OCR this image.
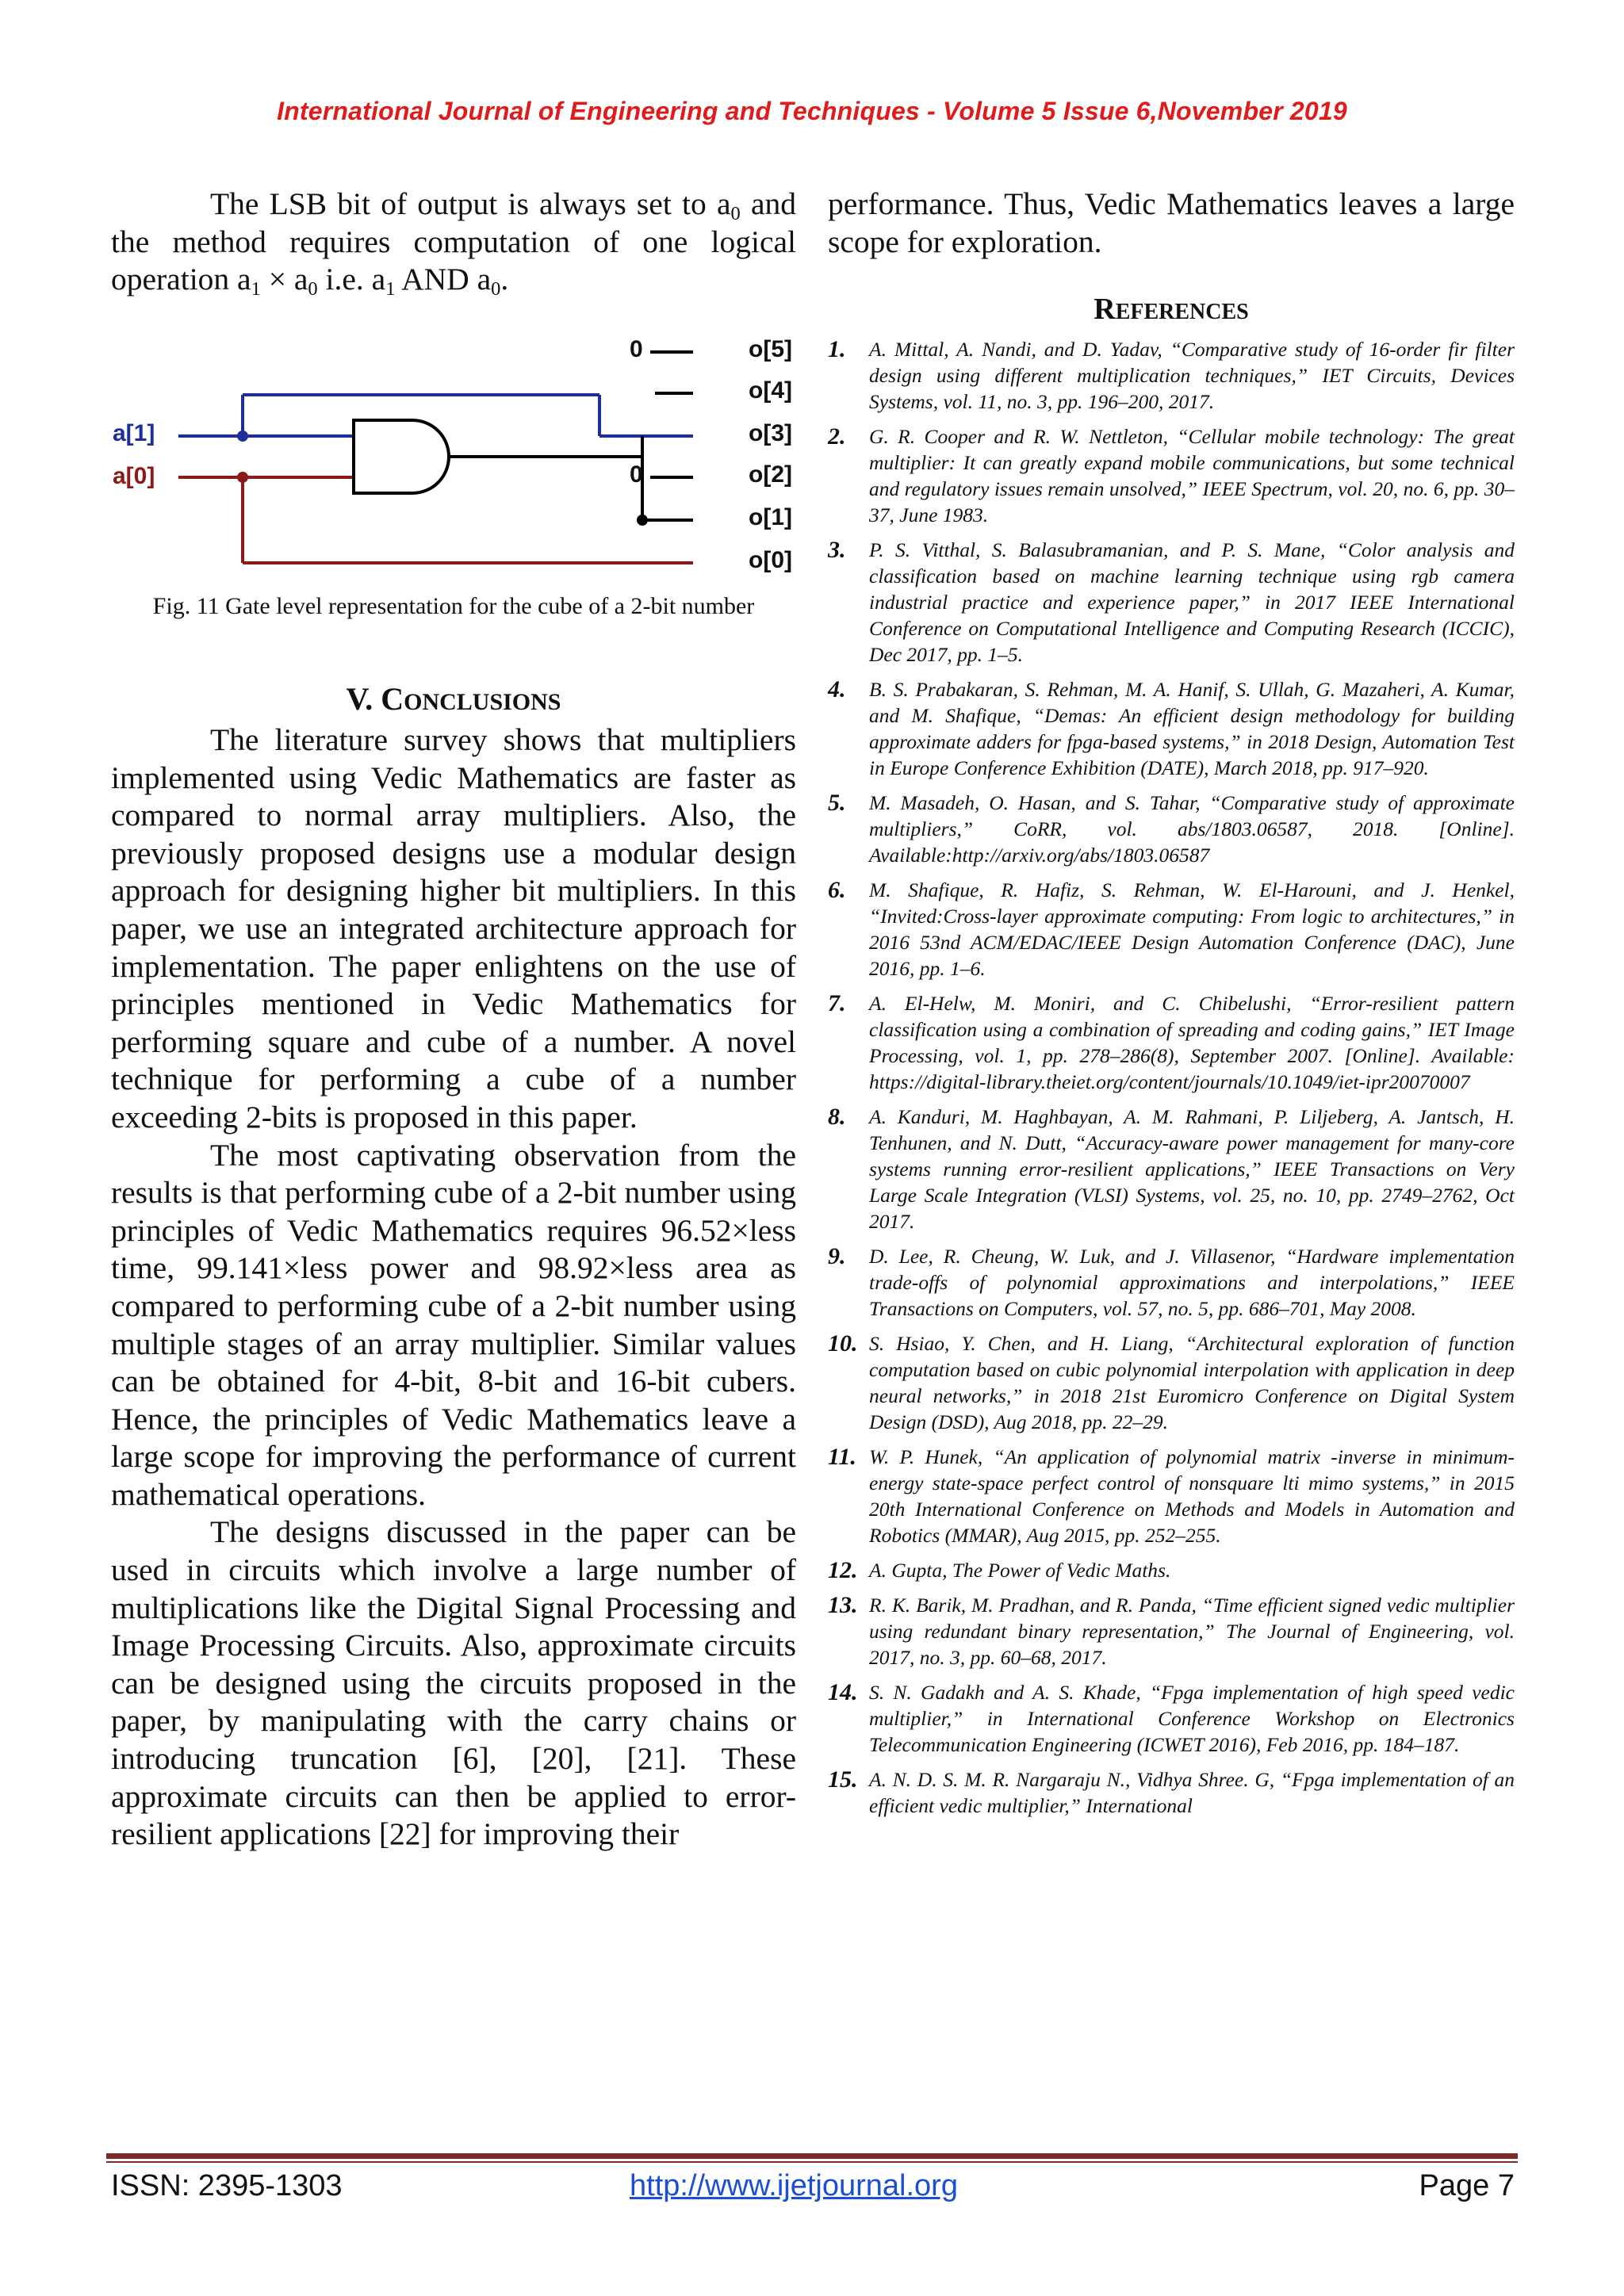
International Journal of Engineering and Techniques - Volume 5 Issue 6,November 2019

The LSB bit of output is always set to $a_0$ and the method requires computation of one logical operation $a_1 \times a_0$ i.e. $a_1$ AND $a_0$.

a[1]
a[0]
0
0
o[5]
o[4]
o[3]
o[2]
o[1]
o[0]
Fig. 11 Gate level representation for the cube of a 2-bit number
V. CONCLUSIONS

The literature survey shows that multipliers implemented using Vedic Mathematics are faster as compared to normal array multipliers. Also, the previously proposed designs use a modular design approach for designing higher bit multipliers. In this paper, we use an integrated architecture approach for implementation. The paper enlightens on the use of principles mentioned in Vedic Mathematics for performing square and cube of a number. A novel technique for performing a cube of a number exceeding 2-bits is proposed in this paper.

The most captivating observation from the results is that performing cube of a 2-bit number using principles of Vedic Mathematics requires 96.52×less time, 99.141×less power and 98.92×less area as compared to performing cube of a 2-bit number using multiple stages of an array multiplier. Similar values can be obtained for 4-bit, 8-bit and 16-bit cubers. Hence, the principles of Vedic Mathematics leave a large scope for improving the performance of current mathematical operations.

The designs discussed in the paper can be used in circuits which involve a large number of multiplications like the Digital Signal Processing and Image Processing Circuits. Also, approximate circuits can be designed using the circuits proposed in the paper, by manipulating with the carry chains or introducing truncation [6], [20], [21]. These approximate circuits can then be applied to error-resilient applications [22] for improving their

performance. Thus, Vedic Mathematics leaves a large scope for exploration.

REFERENCES
1. A. Mittal, A. Nandi, and D. Yadav, “Comparative study of 16-order fir filter design using different multiplication techniques,” IET Circuits, Devices Systems, vol. 11, no. 3, pp. 196–200, 2017.
2. G. R. Cooper and R. W. Nettleton, “Cellular mobile technology: The great multiplier: It can greatly expand mobile communications, but some technical and regulatory issues remain unsolved,” IEEE Spectrum, vol. 20, no. 6, pp. 30–37, June 1983.
3. P. S. Vitthal, S. Balasubramanian, and P. S. Mane, “Color analysis and classification based on machine learning technique using rgb camera industrial practice and experience paper,” in 2017 IEEE International Conference on Computational Intelligence and Computing Research (ICCIC), Dec 2017, pp. 1–5.
4. B. S. Prabakaran, S. Rehman, M. A. Hanif, S. Ullah, G. Mazaheri, A. Kumar, and M. Shafique, “Demas: An efficient design methodology for building approximate adders for fpga-based systems,” in 2018 Design, Automation Test in Europe Conference Exhibition (DATE), March 2018, pp. 917–920.
5. M. Masadeh, O. Hasan, and S. Tahar, “Comparative study of approximate multipliers,” CoRR, vol. abs/1803.06587, 2018. [Online]. Available:http://arxiv.org/abs/1803.06587
6. M. Shafique, R. Hafiz, S. Rehman, W. El-Harouni, and J. Henkel, “Invited:Cross-layer approximate computing: From logic to architectures,” in 2016 53nd ACM/EDAC/IEEE Design Automation Conference (DAC), June 2016, pp. 1–6.
7. A. El-Helw, M. Moniri, and C. Chibelushi, “Error-resilient pattern classification using a combination of spreading and coding gains,” IET Image Processing, vol. 1, pp. 278–286(8), September 2007. [Online]. Available: https://digital-library.theiet.org/content/journals/10.1049/iet-ipr20070007
8. A. Kanduri, M. Haghbayan, A. M. Rahmani, P. Liljeberg, A. Jantsch, H. Tenhunen, and N. Dutt, “Accuracy-aware power management for many-core systems running error-resilient applications,” IEEE Transactions on Very Large Scale Integration (VLSI) Systems, vol. 25, no. 10, pp. 2749–2762, Oct 2017.
9. D. Lee, R. Cheung, W. Luk, and J. Villasenor, “Hardware implementation trade-offs of polynomial approximations and interpolations,” IEEE Transactions on Computers, vol. 57, no. 5, pp. 686–701, May 2008.
10. S. Hsiao, Y. Chen, and H. Liang, “Architectural exploration of function computation based on cubic polynomial interpolation with application in deep neural networks,” in 2018 21st Euromicro Conference on Digital System Design (DSD), Aug 2018, pp. 22–29.
11. W. P. Hunek, “An application of polynomial matrix -inverse in minimum-energy state-space perfect control of nonsquare lti mimo systems,” in 2015 20th International Conference on Methods and Models in Automation and Robotics (MMAR), Aug 2015, pp. 252–255.
12. A. Gupta, The Power of Vedic Maths.
13. R. K. Barik, M. Pradhan, and R. Panda, “Time efficient signed vedic multiplier using redundant binary representation,” The Journal of Engineering, vol. 2017, no. 3, pp. 60–68, 2017.
14. S. N. Gadakh and A. S. Khade, “Fpga implementation of high speed vedic multiplier,” in International Conference Workshop on Electronics Telecommunication Engineering (ICWET 2016), Feb 2016, pp. 184–187.
15. A. N. D. S. M. R. Nargaraju N., Vidhya Shree. G, “Fpga implementation of an efficient vedic multiplier,” International
ISSN: 2395-1303	http://www.ijetjournal.org	Page 7
